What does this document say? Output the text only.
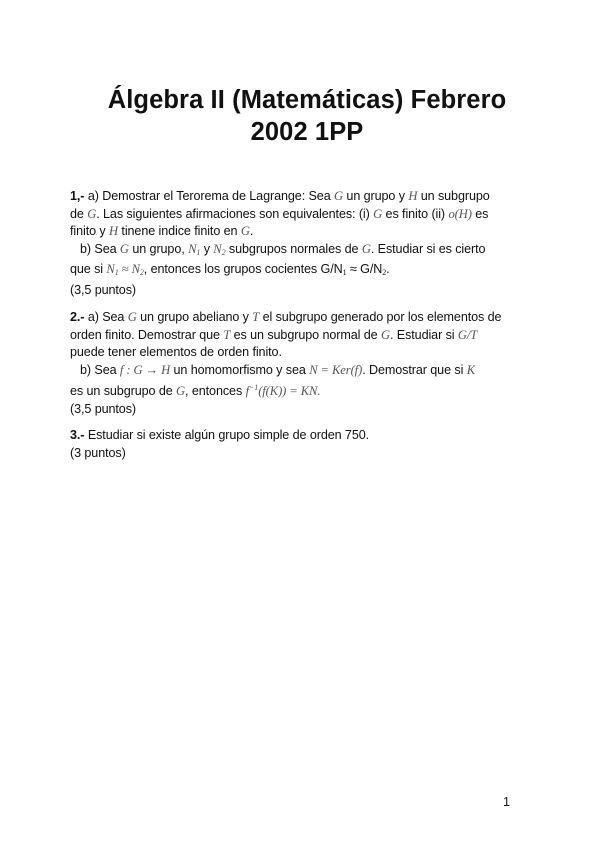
Álgebra II (Matemáticas) Febrero
2002 1PP
1,- a) Demostrar el Terorema de Lagrange: Sea G un grupo y H un subgrupo
de G. Las siguientes afirmaciones son equivalentes: (i) G es finito (ii) o(H) es
finito y H tinene indice finito en G.
b) Sea G un grupo, N1 y N2 subgrupos normales de G. Estudiar si es cierto
que si N1 ≈ N2, entonces los grupos cocientes G/N1 ≈ G/N2.
(3,5 puntos)
2.- a) Sea G un grupo abeliano y T el subgrupo generado por los elementos de
orden finito. Demostrar que T es un subgrupo normal de G. Estudiar si G/T
puede tener elementos de orden finito.
b) Sea f : G → H un homomorfismo y sea N = Ker(f). Demostrar que si K
es un subgrupo de G, entonces $f^{-1}(f(K))$ = KN.
(3,5 puntos)
3.- Estudiar si existe algún grupo simple de orden 750.
(3 puntos)
1
